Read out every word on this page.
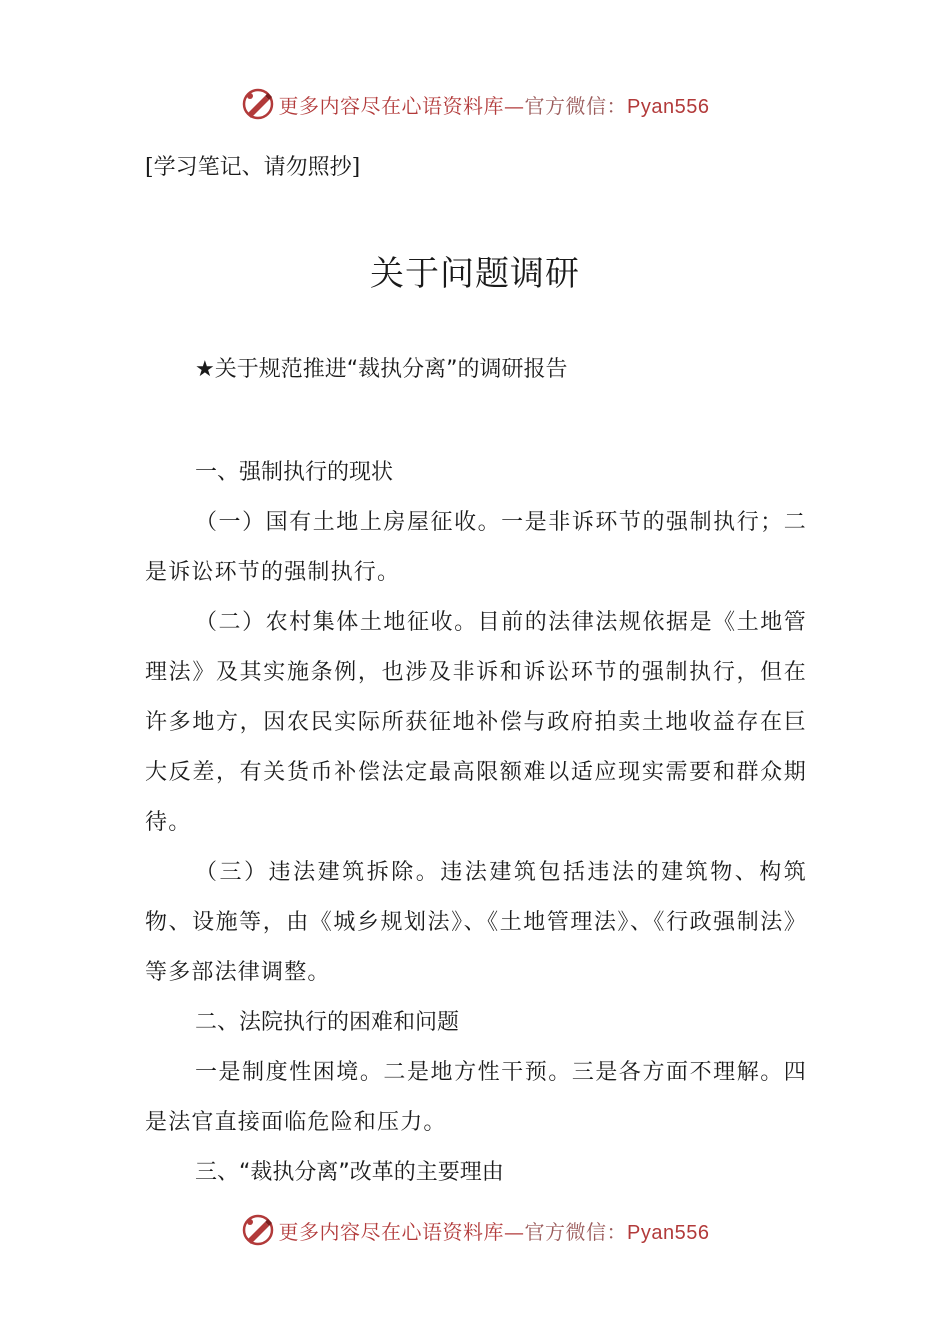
更多内容尽在心语资料库—官方微信：Pyan556
[学习笔记、请勿照抄]
关于问题调研
★关于规范推进“裁执分离”的调研报告
一、强制执行的现状

（一）国有土地上房屋征收。一是非诉环节的强制执行；二是诉讼环节的强制执行。

（二）农村集体土地征收。目前的法律法规依据是《土地管理法》及其实施条例，也涉及非诉和诉讼环节的强制执行，但在许多地方，因农民实际所获征地补偿与政府拍卖土地收益存在巨大反差，有关货币补偿法定最高限额难以适应现实需要和群众期待。

（三）违法建筑拆除。违法建筑包括违法的建筑物、构筑物、设施等，由《城乡规划法》、《土地管理法》、《行政强制法》等多部法律调整。

二、法院执行的困难和问题

一是制度性困境。二是地方性干预。三是各方面不理解。四是法官直接面临危险和压力。

三、“裁执分离”改革的主要理由
更多内容尽在心语资料库—官方微信：Pyan556
